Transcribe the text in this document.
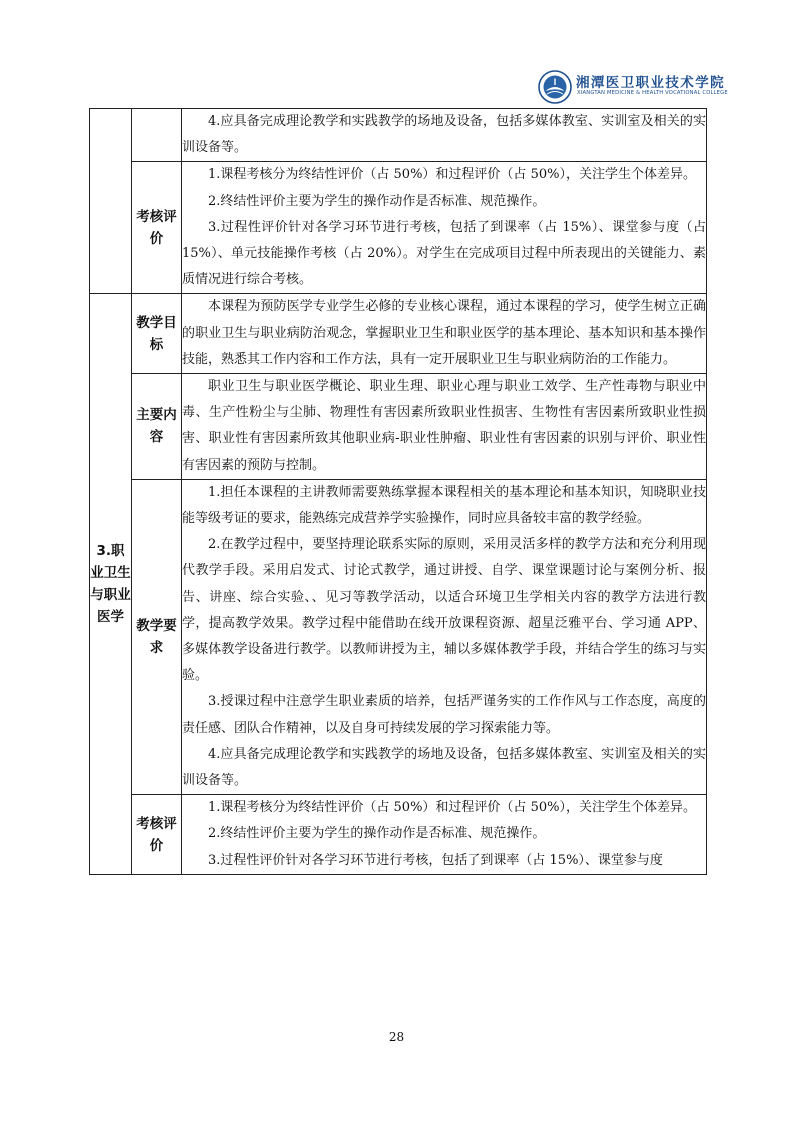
湘潭医卫职业技术学院
XIANGTAN MEDICINE & HEALTH VOCATIONAL COLLEGE

		4.应具备完成理论教学和实践教学的场地及设备，包括多媒体教室、实训室及相关的实训设备等。

	考核评价	1.课程考核分为终结性评价（占 50%）和过程评价（占 50%），关注学生个体差异。
2.终结性评价主要为学生的操作动作是否标准、规范操作。
3.过程性评价针对各学习环节进行考核，包括了到课率（占 15%）、课堂参与度（占 15%）、单元技能操作考核（占 20%）。对学生在完成项目过程中所表现出的关键能力、素质情况进行综合考核。

3.职业卫生与职业医学	教学目标	本课程为预防医学专业学生必修的专业核心课程，通过本课程的学习，使学生树立正确的职业卫生与职业病防治观念，掌握职业卫生和职业医学的基本理论、基本知识和基本操作技能，熟悉其工作内容和工作方法，具有一定开展职业卫生与职业病防治的工作能力。

	主要内容	职业卫生与职业医学概论、职业生理、职业心理与职业工效学、生产性毒物与职业中毒、生产性粉尘与尘肺、物理性有害因素所致职业性损害、生物性有害因素所致职业性损害、职业性有害因素所致其他职业病-职业性肿瘤、职业性有害因素的识别与评价、职业性有害因素的预防与控制。

	教学要求	1.担任本课程的主讲教师需要熟练掌握本课程相关的基本理论和基本知识，知晓职业技能等级考证的要求，能熟练完成营养学实验操作，同时应具备较丰富的教学经验。
2.在教学过程中，要坚持理论联系实际的原则，采用灵活多样的教学方法和充分利用现代教学手段。采用启发式、讨论式教学，通过讲授、自学、课堂课题讨论与案例分析、报告、讲座、综合实验、、见习等教学活动，以适合环境卫生学相关内容的教学方法进行教学，提高教学效果。教学过程中能借助在线开放课程资源、超星泛雅平台、学习通 APP、多媒体教学设备进行教学。以教师讲授为主，辅以多媒体教学手段，并结合学生的练习与实验。
3.授课过程中注意学生职业素质的培养，包括严谨务实的工作作风与工作态度，高度的责任感、团队合作精神，以及自身可持续发展的学习探索能力等。
4.应具备完成理论教学和实践教学的场地及设备，包括多媒体教室、实训室及相关的实训设备等。

	考核评价	1.课程考核分为终结性评价（占 50%）和过程评价（占 50%），关注学生个体差异。
2.终结性评价主要为学生的操作动作是否标准、规范操作。
3.过程性评价针对各学习环节进行考核，包括了到课率（占 15%）、课堂参与度
28
